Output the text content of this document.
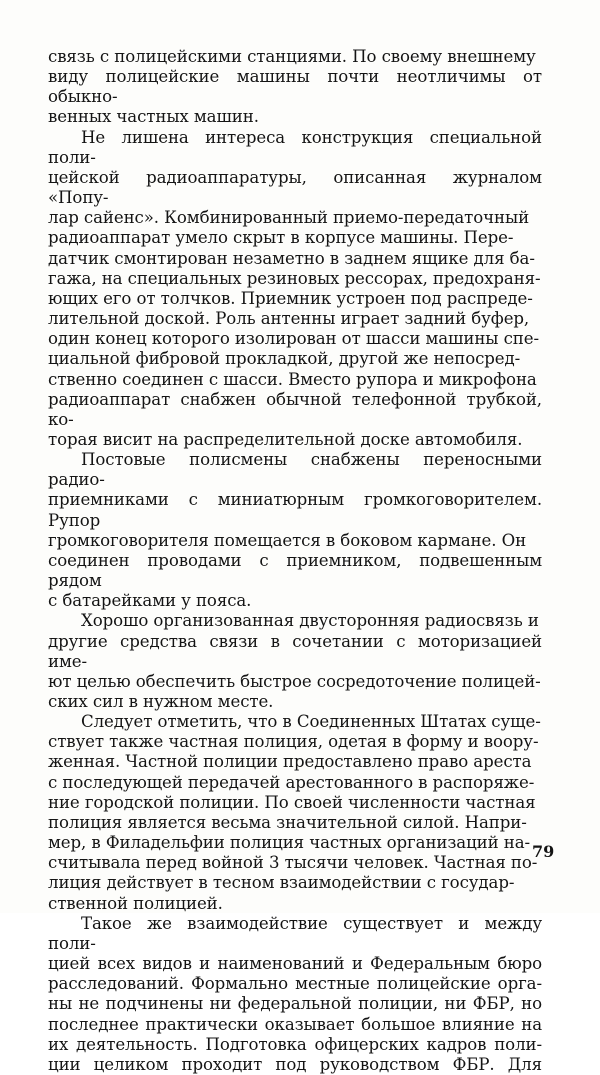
связь с полицейскими станциями. По своему внешнему
виду полицейские машины почти неотличимы от обыкно-
венных частных машин.

Не лишена интереса конструкция специальной поли-
цейской радиоаппаратуры, описанная журналом «Попу-
лар сайенс». Комбинированный приемо-передаточный
радиоаппарат умело скрыт в корпусе машины. Пере-
датчик смонтирован незаметно в заднем ящике для ба-
гажа, на специальных резиновых рессорах, предохраня-
ющих его от толчков. Приемник устроен под распреде-
лительной доской. Роль антенны играет задний буфер,
один конец которого изолирован от шасси машины спе-
циальной фибровой прокладкой, другой же непосред-
ственно соединен с шасси. Вместо рупора и микрофона
радиоаппарат снабжен обычной телефонной трубкой, ко-
торая висит на распределительной доске автомобиля.

Постовые полисмены снабжены переносными радио-
приемниками с миниатюрным громкоговорителем. Рупор
громкоговорителя помещается в боковом кармане. Он
соединен проводами с приемником, подвешенным рядом
с батарейками у пояса.

Хорошо организованная двусторонняя радиосвязь и
другие средства связи в сочетании с моторизацией име-
ют целью обеспечить быстрое сосредоточение полицей-
ских сил в нужном месте.

Следует отметить, что в Соединенных Штатах суще-
ствует также частная полиция, одетая в форму и воору-
женная. Частной полиции предоставлено право ареста
с последующей передачей арестованного в распоряже-
ние городской полиции. По своей численности частная
полиция является весьма значительной силой. Напри-
мер, в Филадельфии полиция частных организаций на-
считывала перед войной 3 тысячи человек. Частная по-
лиция действует в тесном взаимодействии с государ-
ственной полицией.

Такое же взаимодействие существует и между поли-
цией всех видов и наименований и Федеральным бюро
расследований. Формально местные полицейские орга-
ны не подчинены ни федеральной полиции, ни ФБР, но
последнее практически оказывает большое влияние на
их деятельность. Подготовка офицерских кадров поли-
ции целиком проходит под руководством ФБР. Для

79
